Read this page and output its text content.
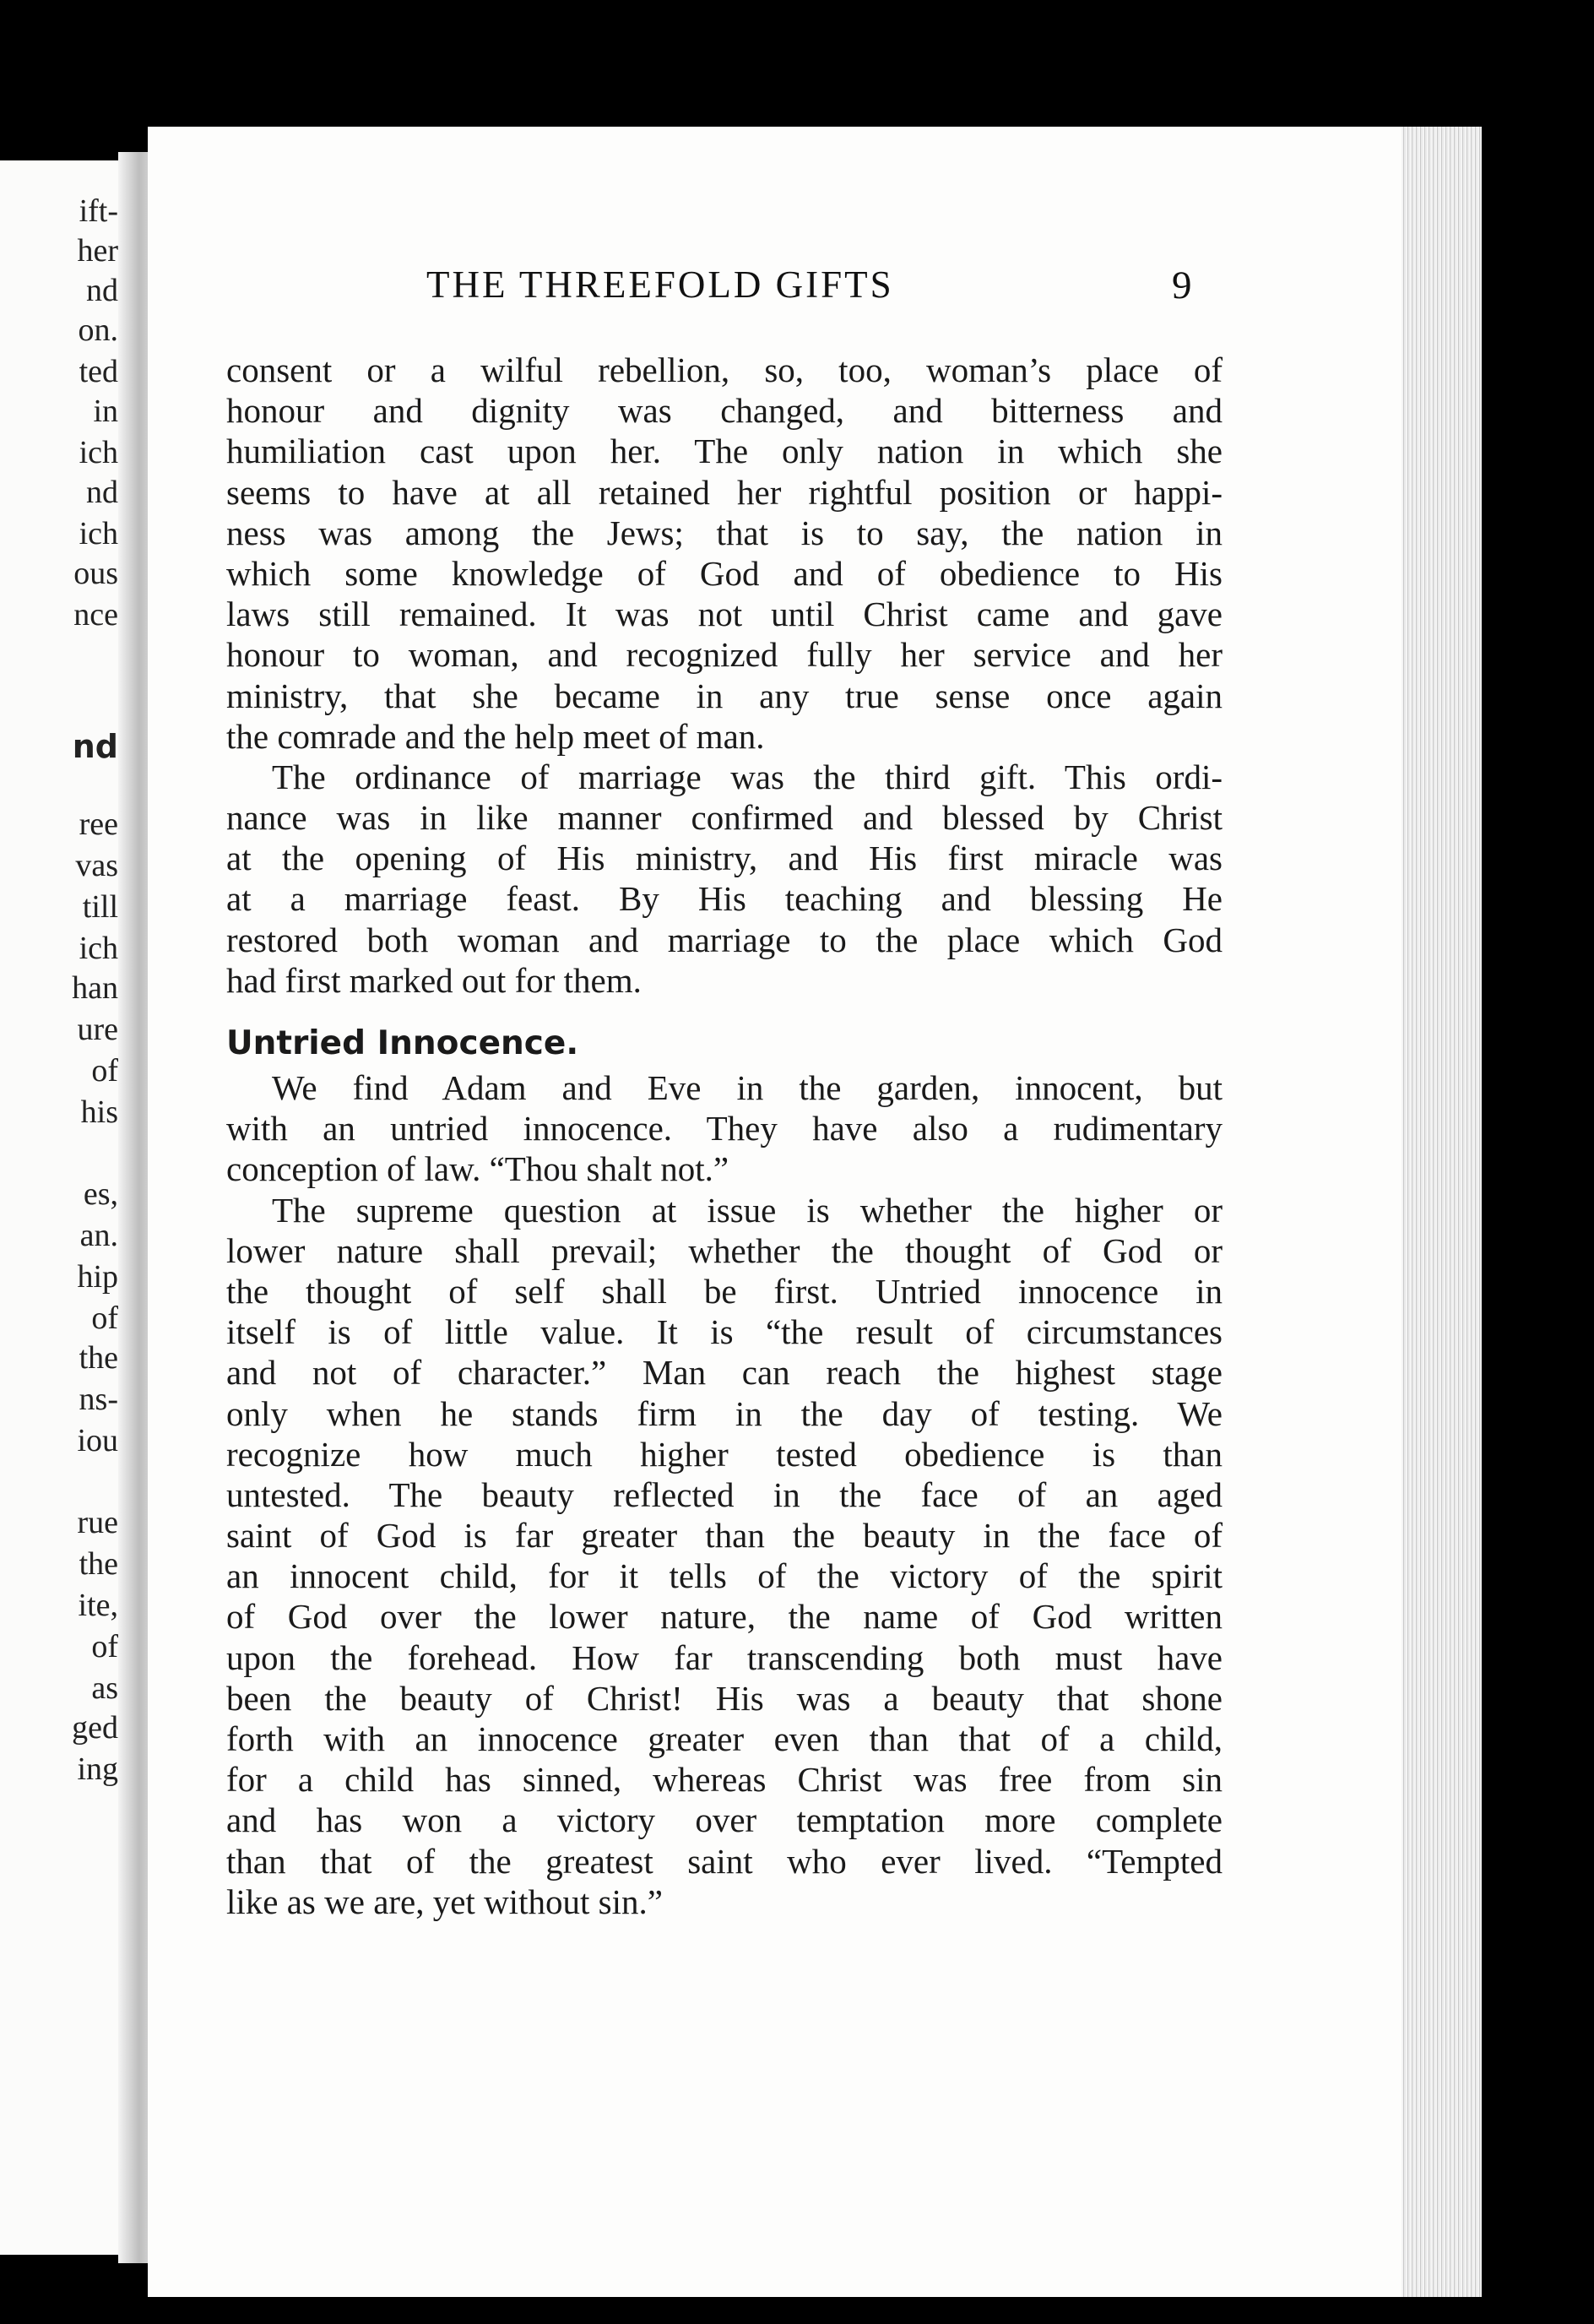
ift-
her
nd
on.
ted
in
ich
nd
ich
ous
nce
nd
ree
vas
till
ich
han
ure
of
his
es,
an.
hip
of
the
ns-
iou
rue
the
ite,
of
as
ged
ing
THE THREEFOLD GIFTS	9
consent or a wilful rebellion, so, too, woman’s place of
honour and dignity was changed, and bitterness and
humiliation cast upon her. The only nation in which she
seems to have at all retained her rightful position or happi-
ness was among the Jews; that is to say, the nation in
which some knowledge of God and of obedience to His
laws still remained. It was not until Christ came and gave
honour to woman, and recognized fully her service and her
ministry, that she became in any true sense once again
the comrade and the help meet of man.
The ordinance of marriage was the third gift. This ordi-
nance was in like manner confirmed and blessed by Christ
at the opening of His ministry, and His first miracle was
at a marriage feast. By His teaching and blessing He
restored both woman and marriage to the place which God
had first marked out for them.
Untried Innocence.
We find Adam and Eve in the garden, innocent, but
with an untried innocence. They have also a rudimentary
conception of law. “Thou shalt not.”
The supreme question at issue is whether the higher or
lower nature shall prevail; whether the thought of God or
the thought of self shall be first. Untried innocence in
itself is of little value. It is “the result of circumstances
and not of character.” Man can reach the highest stage
only when he stands firm in the day of testing. We
recognize how much higher tested obedience is than
untested. The beauty reflected in the face of an aged
saint of God is far greater than the beauty in the face of
an innocent child, for it tells of the victory of the spirit
of God over the lower nature, the name of God written
upon the forehead. How far transcending both must have
been the beauty of Christ! His was a beauty that shone
forth with an innocence greater even than that of a child,
for a child has sinned, whereas Christ was free from sin
and has won a victory over temptation more complete
than that of the greatest saint who ever lived. “Tempted
like as we are, yet without sin.”
